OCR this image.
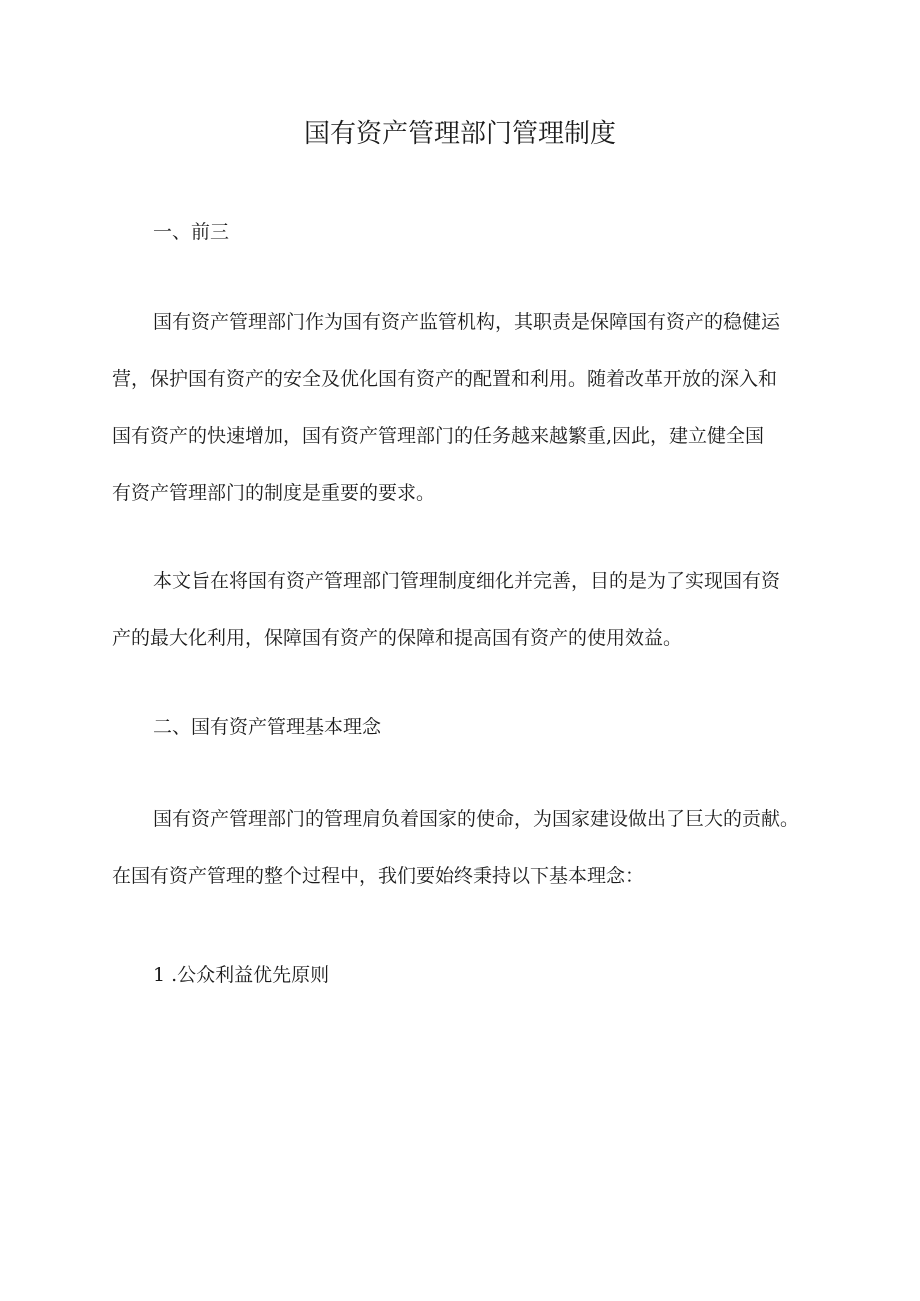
国有资产管理部门管理制度
一、前三
国有资产管理部门作为国有资产监管机构，其职责是保障国有资产的稳健运
营，保护国有资产的安全及优化国有资产的配置和利用。随着改革开放的深入和
国有资产的快速增加，国有资产管理部门的任务越来越繁重,因此，建立健全国
有资产管理部门的制度是重要的要求。
本文旨在将国有资产管理部门管理制度细化并完善，目的是为了实现国有资
产的最大化利用，保障国有资产的保障和提高国有资产的使用效益。
二、国有资产管理基本理念
国有资产管理部门的管理肩负着国家的使命，为国家建设做出了巨大的贡献。
在国有资产管理的整个过程中，我们要始终秉持以下基本理念：
1 .公众利益优先原则
